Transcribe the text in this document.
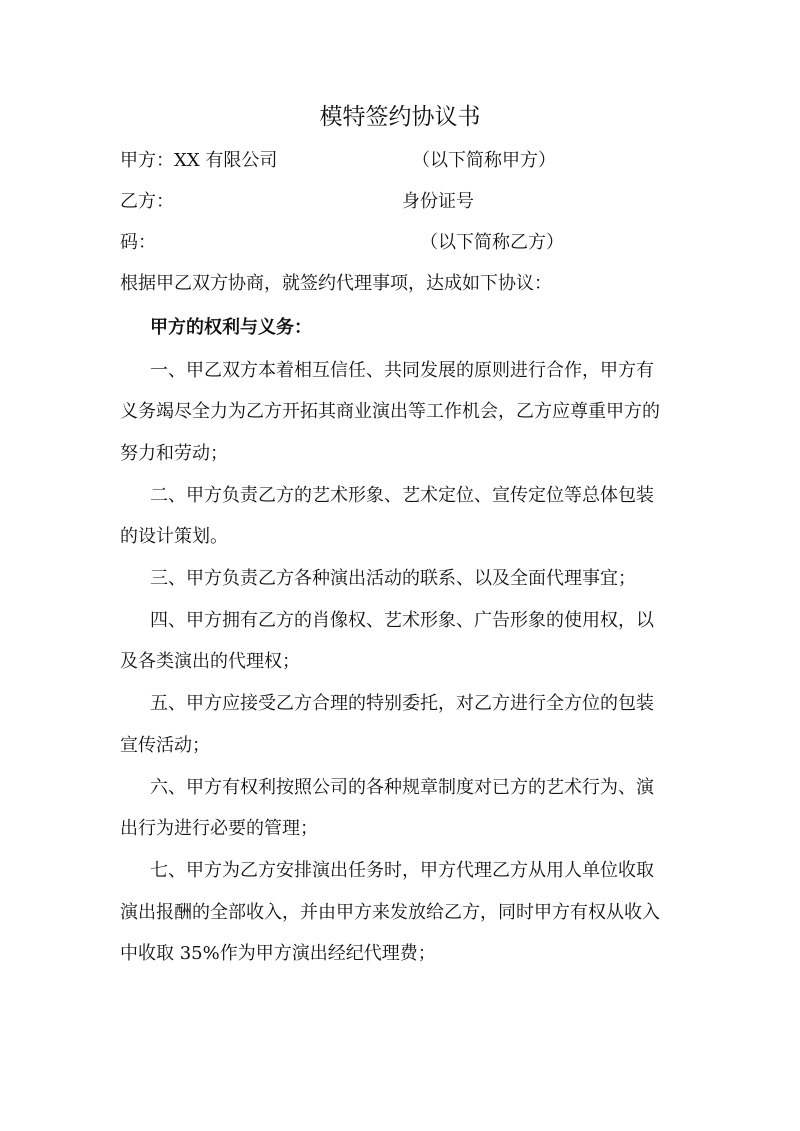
模特签约协议书
甲方：XX 有限公司	（以下简称甲方）
乙方：	身份证号
码：	（以下简称乙方）
根据甲乙双方协商，就签约代理事项，达成如下协议：
甲方的权利与义务：
一、甲乙双方本着相互信任、共同发展的原则进行合作，甲方有
义务竭尽全力为乙方开拓其商业演出等工作机会，乙方应尊重甲方的
努力和劳动；
二、甲方负责乙方的艺术形象、艺术定位、宣传定位等总体包装
的设计策划。
三、甲方负责乙方各种演出活动的联系、以及全面代理事宜；
四、甲方拥有乙方的肖像权、艺术形象、广告形象的使用权，以
及各类演出的代理权；
五、甲方应接受乙方合理的特别委托，对乙方进行全方位的包装
宣传活动；
六、甲方有权利按照公司的各种规章制度对已方的艺术行为、演
出行为进行必要的管理；
七、甲方为乙方安排演出任务时，甲方代理乙方从用人单位收取
演出报酬的全部收入，并由甲方来发放给乙方，同时甲方有权从收入
中收取 35%作为甲方演出经纪代理费；
